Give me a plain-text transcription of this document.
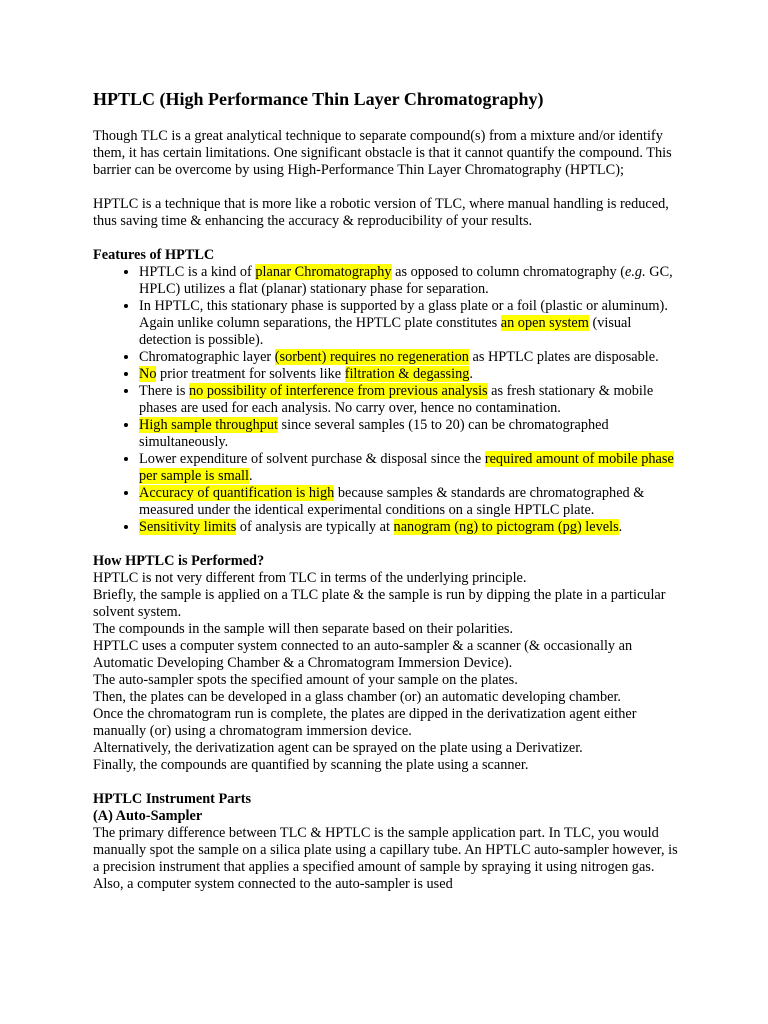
HPTLC (High Performance Thin Layer Chromatography)

Though TLC is a great analytical technique to separate compound(s) from a mixture and/or identify them, it has certain limitations. One significant obstacle is that it cannot quantify the compound. This barrier can be overcome by using High-Performance Thin Layer Chromatography (HPTLC);

HPTLC is a technique that is more like a robotic version of TLC, where manual handling is reduced, thus saving time & enhancing the accuracy & reproducibility of your results.

Features of HPTLC

• HPTLC is a kind of planar Chromatography as opposed to column chromatography (e.g. GC, HPLC) utilizes a flat (planar) stationary phase for separation.
• In HPTLC, this stationary phase is supported by a glass plate or a foil (plastic or aluminum). Again unlike column separations, the HPTLC plate constitutes an open system (visual detection is possible).
• Chromatographic layer (sorbent) requires no regeneration as HPTLC plates are disposable.
• No prior treatment for solvents like filtration & degassing.
• There is no possibility of interference from previous analysis as fresh stationary & mobile phases are used for each analysis. No carry over, hence no contamination.
• High sample throughput since several samples (15 to 20) can be chromatographed simultaneously.
• Lower expenditure of solvent purchase & disposal since the required amount of mobile phase per sample is small.
• Accuracy of quantification is high because samples & standards are chromatographed & measured under the identical experimental conditions on a single HPTLC plate.
• Sensitivity limits of analysis are typically at nanogram (ng) to pictogram (pg) levels.

How HPTLC is Performed?

HPTLC is not very different from TLC in terms of the underlying principle.

Briefly, the sample is applied on a TLC plate & the sample is run by dipping the plate in a particular solvent system.

The compounds in the sample will then separate based on their polarities.

HPTLC uses a computer system connected to an auto-sampler & a scanner (& occasionally an Automatic Developing Chamber & a Chromatogram Immersion Device).

The auto-sampler spots the specified amount of your sample on the plates.

Then, the plates can be developed in a glass chamber (or) an automatic developing chamber.

Once the chromatogram run is complete, the plates are dipped in the derivatization agent either manually (or) using a chromatogram immersion device.

Alternatively, the derivatization agent can be sprayed on the plate using a Derivatizer.

Finally, the compounds are quantified by scanning the plate using a scanner.

HPTLC Instrument Parts

(A) Auto-Sampler

The primary difference between TLC & HPTLC is the sample application part. In TLC, you would manually spot the sample on a silica plate using a capillary tube. An HPTLC auto-sampler however, is a precision instrument that applies a specified amount of sample by spraying it using nitrogen gas. Also, a computer system connected to the auto-sampler is used
